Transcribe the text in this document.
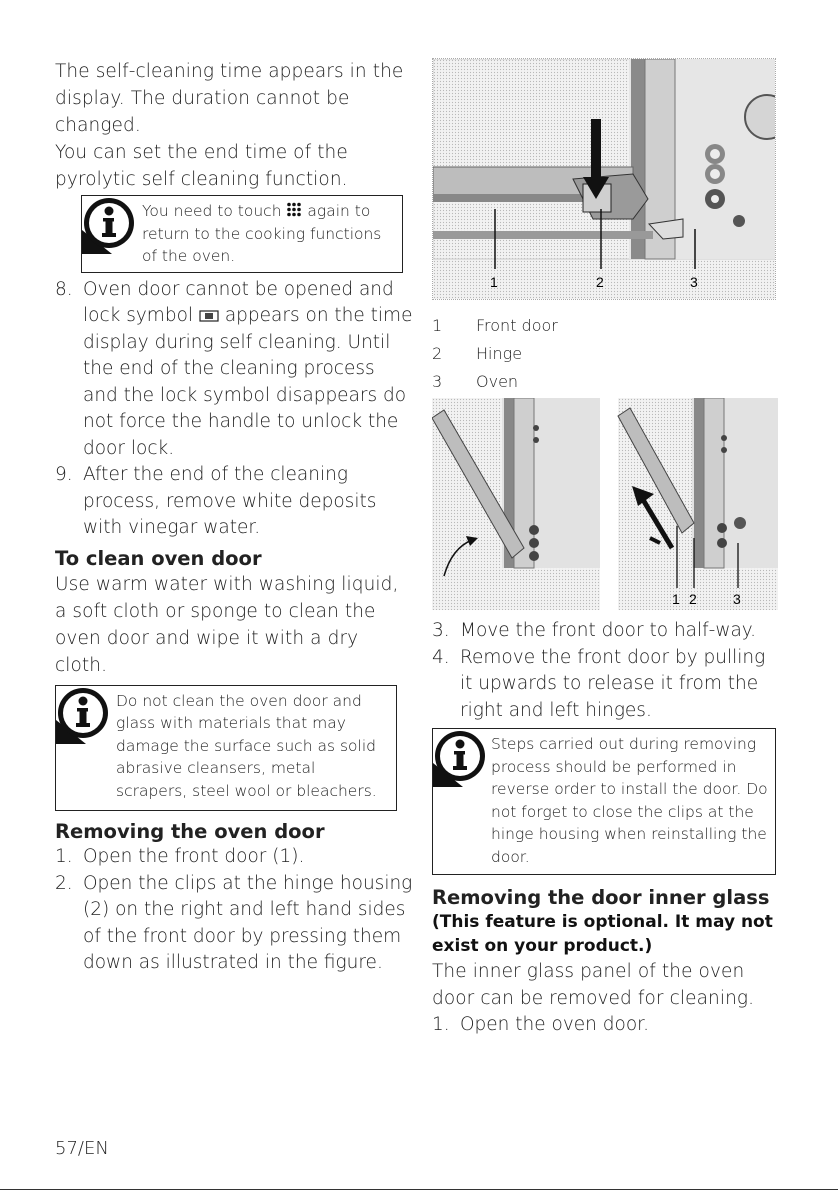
The self-cleaning time appears in the display. The duration cannot be changed.

You can set the end time of the pyrolytic self cleaning function.

You need to touch again to return to the cooking functions of the oven.
8. Oven door cannot be opened and lock symbol appears on the time display during self cleaning. Until the end of the cleaning process and the lock symbol disappears do not force the handle to unlock the door lock.
9. After the end of the cleaning process, remove white deposits with vinegar water.
To clean oven door

Use warm water with washing liquid, a soft cloth or sponge to clean the oven door and wipe it with a dry cloth.

Do not clean the oven door and glass with materials that may damage the surface such as solid abrasive cleansers, metal scrapers, steel wool or bleachers.
Removing the oven door
1. Open the front door (1).
2. Open the clips at the hinge housing (2) on the right and left hand sides of the front door by pressing them down as illustrated in the figure.
1	2	3
1 Front door
2 Hinge
3 Oven
1 2	3
3. Move the front door to half-way.
4. Remove the front door by pulling it upwards to release it from the right and left hinges.
Steps carried out during removing process should be performed in reverse order to install the door. Do not forget to close the clips at the hinge housing when reinstalling the door.
Removing the door inner glass
(This feature is optional. It may not exist on your product.)

The inner glass panel of the oven door can be removed for cleaning.

1. Open the oven door.
57/EN
